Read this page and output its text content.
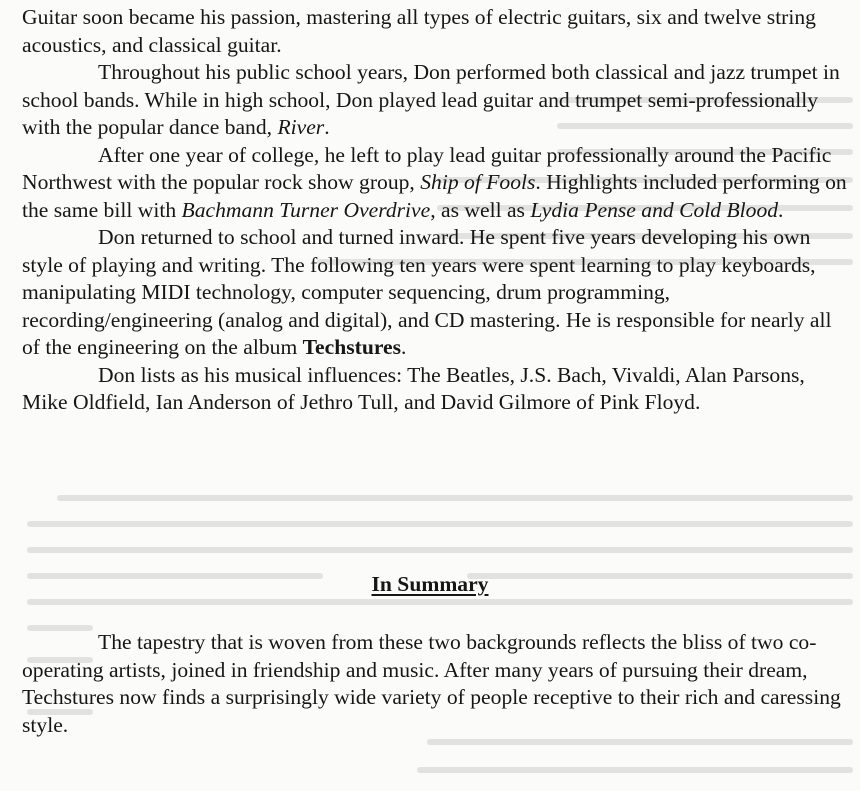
Guitar soon became his passion, mastering all types of electric guitars, six and twelve string acoustics, and classical guitar.

Throughout his public school years, Don performed both classical and jazz trumpet in school bands. While in high school, Don played lead guitar and trumpet semi-professionally with the popular dance band, River.

After one year of college, he left to play lead guitar professionally around the Pacific Northwest with the popular rock show group, Ship of Fools. Highlights included performing on the same bill with Bachmann Turner Overdrive, as well as Lydia Pense and Cold Blood.

Don returned to school and turned inward. He spent five years developing his own style of playing and writing. The following ten years were spent learning to play keyboards, manipulating MIDI technology, computer sequencing, drum programming, recording/engineering (analog and digital), and CD mastering. He is responsible for nearly all of the engineering on the album Techstures.

Don lists as his musical influences: The Beatles, J.S. Bach, Vivaldi, Alan Parsons, Mike Oldfield, Ian Anderson of Jethro Tull, and David Gilmore of Pink Floyd.

In Summary

The tapestry that is woven from these two backgrounds reflects the bliss of two co-operating artists, joined in friendship and music. After many years of pursuing their dream, Techstures now finds a surprisingly wide variety of people receptive to their rich and caressing style.
